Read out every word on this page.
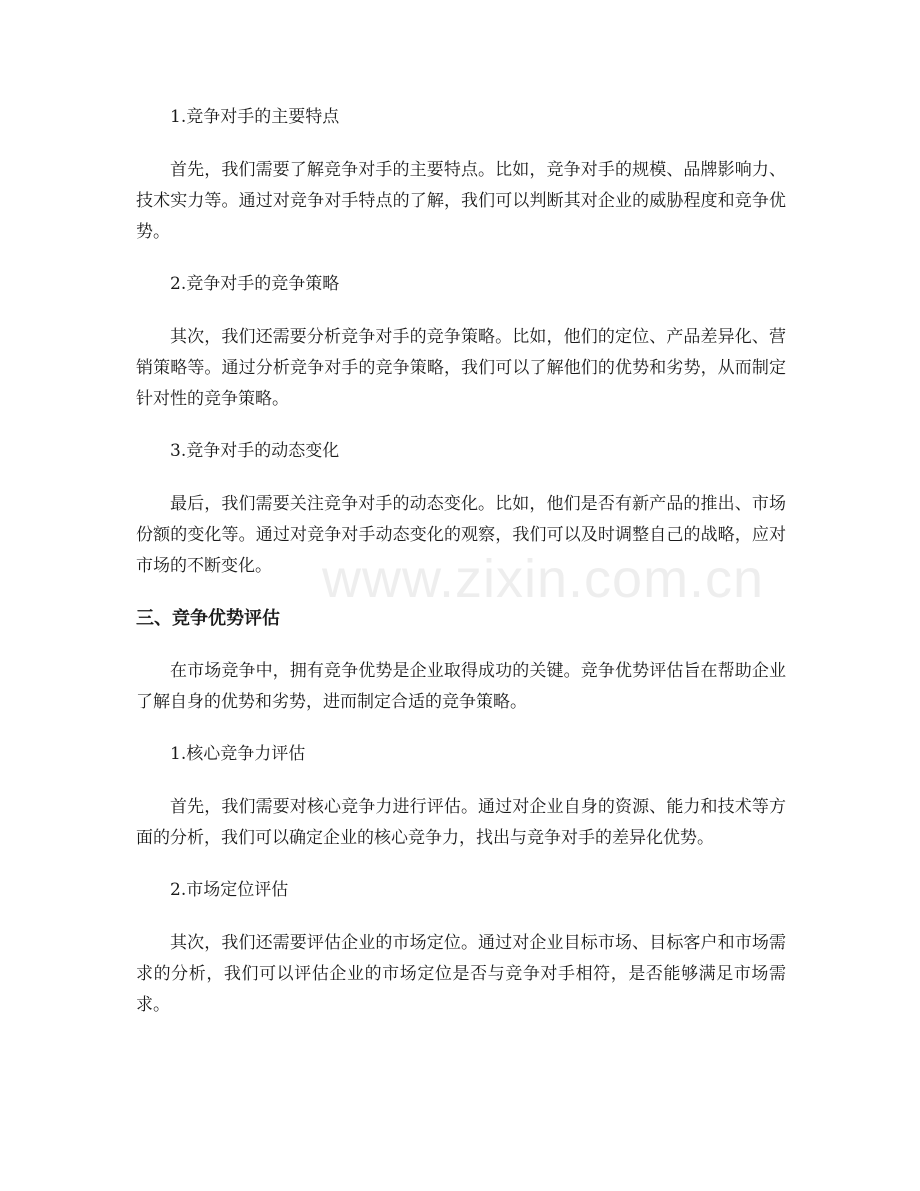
1.竞争对手的主要特点

首先，我们需要了解竞争对手的主要特点。比如，竞争对手的规模、品牌影响力、技术实力等。通过对竞争对手特点的了解，我们可以判断其对企业的威胁程度和竞争优势。

2.竞争对手的竞争策略

其次，我们还需要分析竞争对手的竞争策略。比如，他们的定位、产品差异化、营销策略等。通过分析竞争对手的竞争策略，我们可以了解他们的优势和劣势，从而制定针对性的竞争策略。

3.竞争对手的动态变化

最后，我们需要关注竞争对手的动态变化。比如，他们是否有新产品的推出、市场份额的变化等。通过对竞争对手动态变化的观察，我们可以及时调整自己的战略，应对市场的不断变化。

三、竞争优势评估

在市场竞争中，拥有竞争优势是企业取得成功的关键。竞争优势评估旨在帮助企业了解自身的优势和劣势，进而制定合适的竞争策略。

1.核心竞争力评估

首先，我们需要对核心竞争力进行评估。通过对企业自身的资源、能力和技术等方面的分析，我们可以确定企业的核心竞争力，找出与竞争对手的差异化优势。

2.市场定位评估

其次，我们还需要评估企业的市场定位。通过对企业目标市场、目标客户和市场需求的分析，我们可以评估企业的市场定位是否与竞争对手相符，是否能够满足市场需求。

www.zixin.com.cn
